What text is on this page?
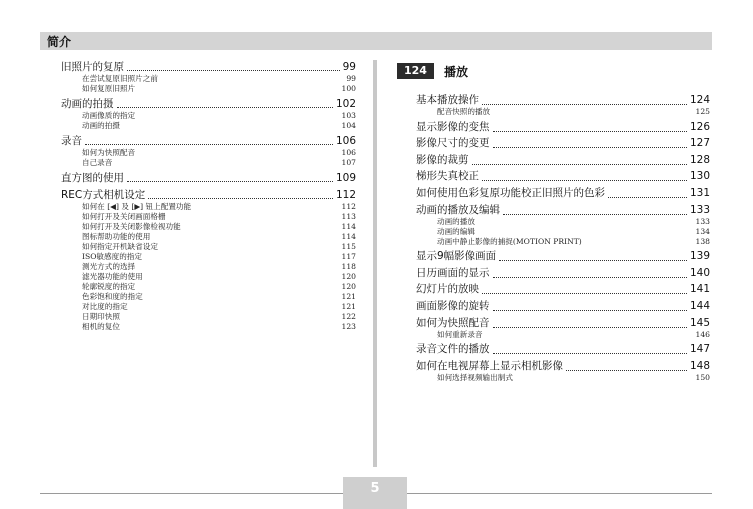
简介
旧照片的复原	99
在尝试复原旧照片之前	99
如何复原旧照片	100
动画的拍摄	102
动画像质的指定	103
动画的拍摄	104
录音	106
如何为快照配音	106
自己录音	107
直方图的使用	109
REC方式相机设定	112
如何在 [◀] 及 [▶] 钮上配置功能	112
如何打开及关闭画面格栅	113
如何打开及关闭影像检视功能	114
图标帮助功能的使用	114
如何指定开机缺省设定	115
ISO敏感度的指定	117
测光方式的选择	118
滤光器功能的使用	120
轮廓锐度的指定	120
色彩饱和度的指定	121
对比度的指定	121
日期印快照	122
相机的复位	123
124	播放
基本播放操作	124
配音快照的播放	125
显示影像的变焦	126
影像尺寸的变更	127
影像的裁剪	128
梯形失真校正	130
如何使用色彩复原功能校正旧照片的色彩	131
动画的播放及编辑	133
动画的播放	133
动画的编辑	134
动画中静止影像的捕捉(MOTION PRINT)	138
显示9幅影像画面	139
日历画面的显示	140
幻灯片的放映	141
画面影像的旋转	144
如何为快照配音	145
如何重新录音	146
录音文件的播放	147
如何在电视屏幕上显示相机影像	148
如何选择视频输出制式	150
5
